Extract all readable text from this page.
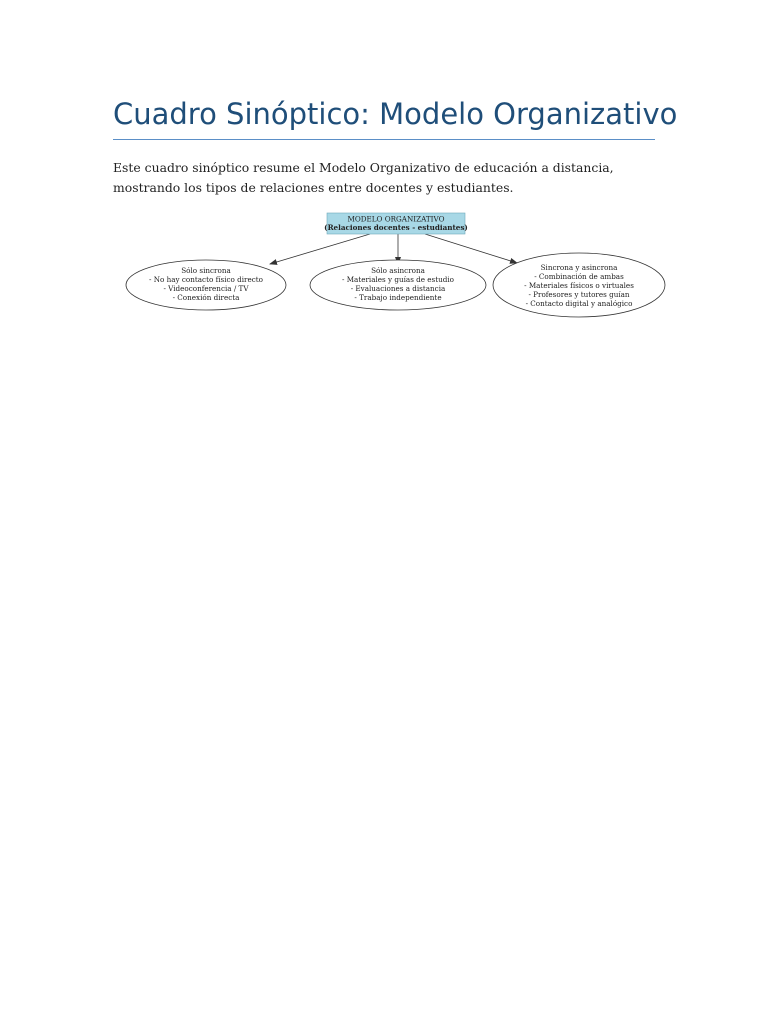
Cuadro Sinóptico: Modelo Organizativo

Este cuadro sinóptico resume el Modelo Organizativo de educación a distancia, mostrando los tipos de relaciones entre docentes y estudiantes.

MODELO ORGANIZATIVO
(Relaciones docentes - estudiantes)
Sólo sincrona
- No hay contacto físico directo
- Videoconferencia / TV
- Conexión directa
Sólo asincrona
- Materiales y guías de estudio
- Evaluaciones a distancia
- Trabajo independiente
Sincrona y asincrona
- Combinación de ambas
- Materiales físicos o virtuales
- Profesores y tutores guían
- Contacto digital y analógico
